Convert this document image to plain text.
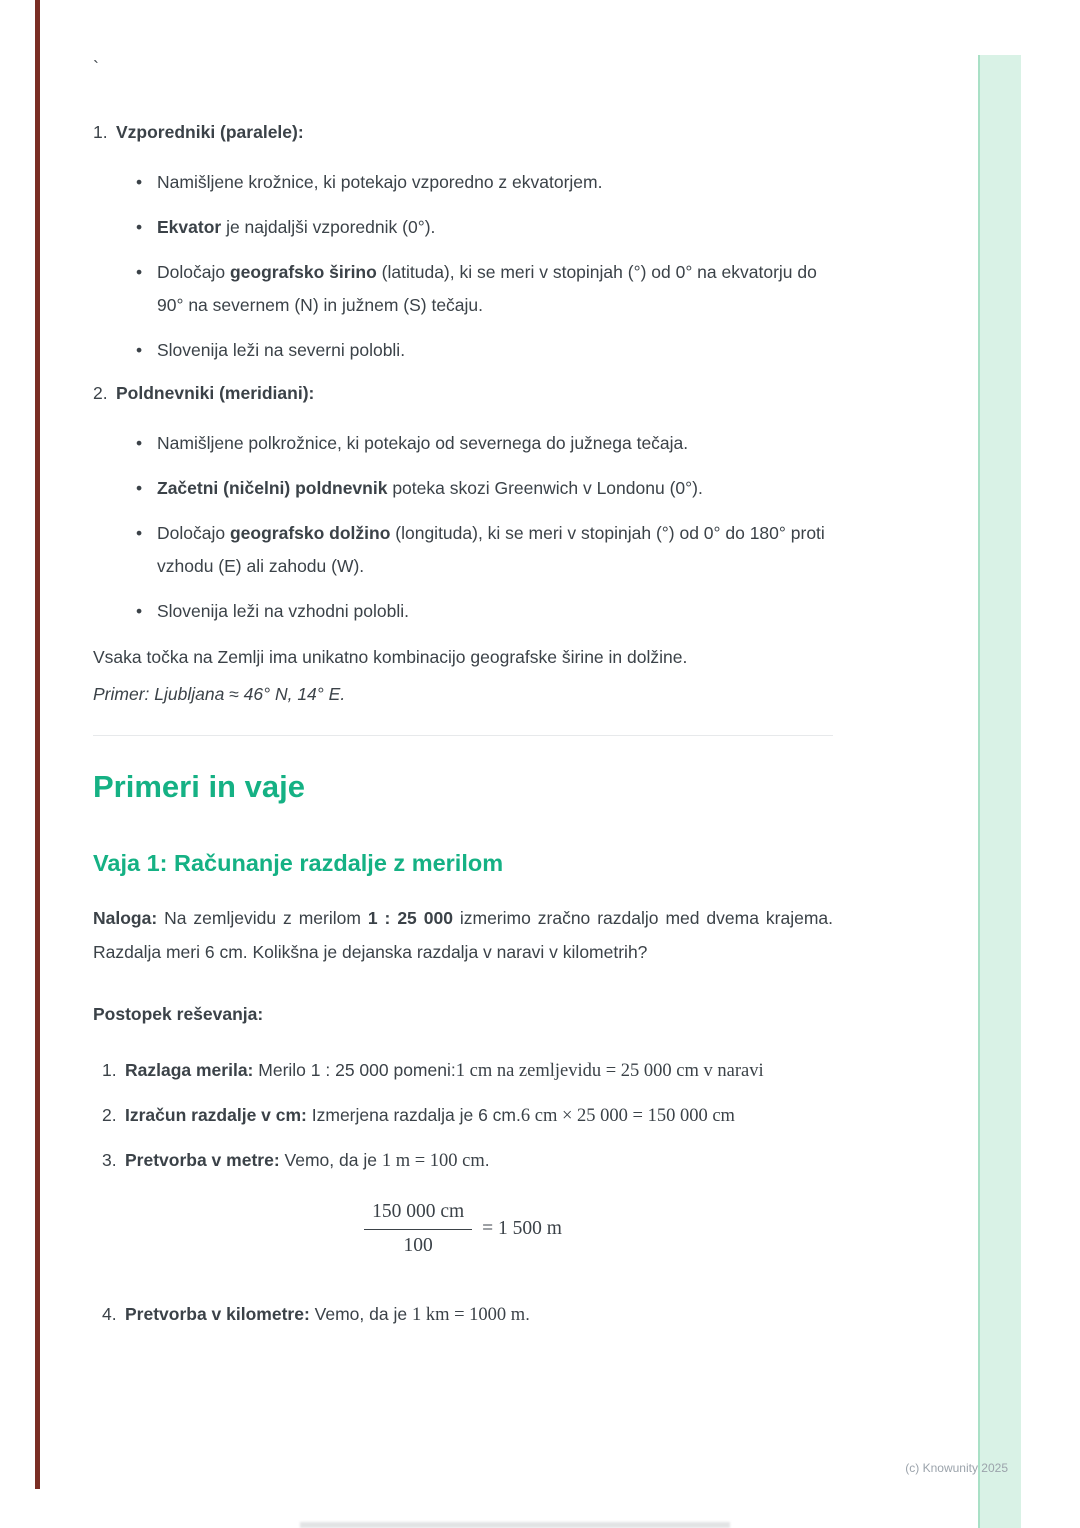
(c) Knowunity 2025
`
1. Vzporedniki (paralele):
• Namišljene krožnice, ki potekajo vzporedno z ekvatorjem.
• Ekvator je najdaljši vzporednik (0°).
• Določajo geografsko širino (latituda), ki se meri v stopinjah (°) od 0° na ekvatorju do 90° na severnem (N) in južnem (S) tečaju.
• Slovenija leži na severni polobli.
2. Poldnevniki (meridiani):
• Namišljene polkrožnice, ki potekajo od severnega do južnega tečaja.
• Začetni (ničelni) poldnevnik poteka skozi Greenwich v Londonu (0°).
• Določajo geografsko dolžino (longituda), ki se meri v stopinjah (°) od 0° do 180° proti vzhodu (E) ali zahodu (W).
• Slovenija leži na vzhodni polobli.

Vsaka točka na Zemlji ima unikatno kombinacijo geografske širine in dolžine.

Primer: Ljubljana ≈ 46° N, 14° E.

Primeri in vaje
Vaja 1: Računanje razdalje z merilom

Naloga: Na zemljevidu z merilom 1 : 25 000 izmerimo zračno razdaljo med dvema krajema. Razdalja meri 6 cm. Kolikšna je dejanska razdalja v naravi v kilometrih?

Postopek reševanja:

1. Razlaga merila: Merilo 1 : 25 000 pomeni:1 cm na zemljevidu = 25 000 cm v naravi
2. Izračun razdalje v cm: Izmerjena razdalja je 6 cm.6 cm × 25 000 = 150 000 cm
3. Pretvorba v metre: Vemo, da je 1 m = 100 cm.
$\frac{150 000 cm}{100} = 1$ 500 m
4. Pretvorba v kilometre: Vemo, da je 1 km = 1000 m.
